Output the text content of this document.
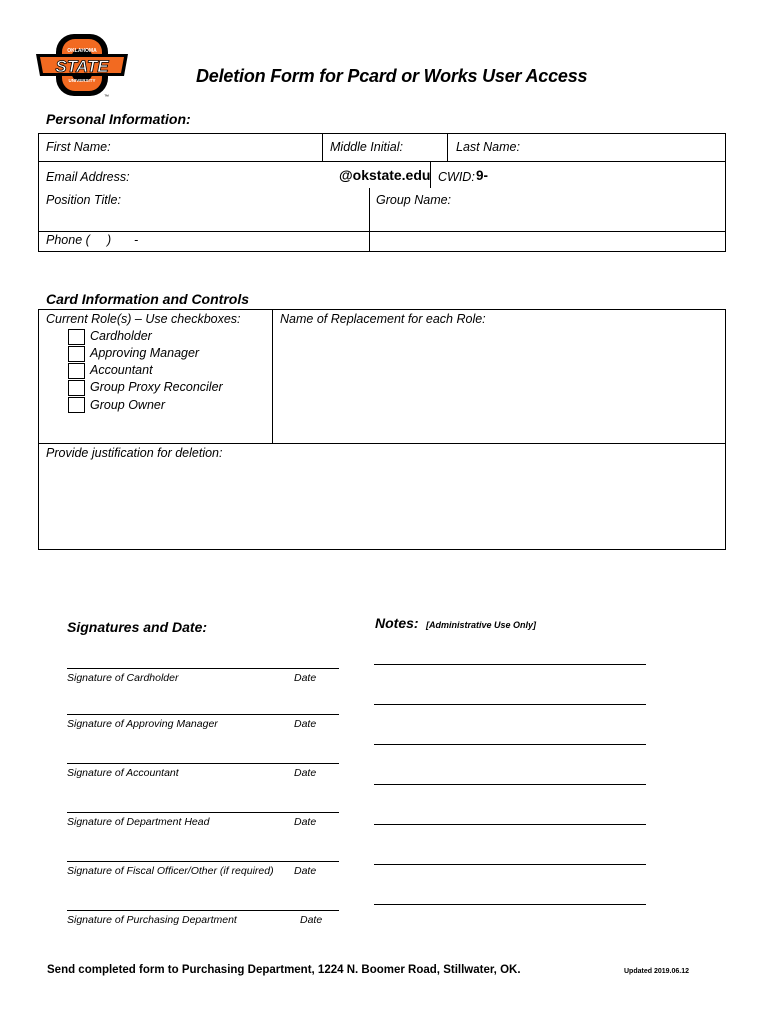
STATE
OKLAHOMA
UNIVERSITY
™
Deletion Form for Pcard or Works User Access
Personal Information:
First Name:	Middle Initial:	Last Name:
Email Address:	@okstate.edu CWID: 9-
Position Title:	Group Name:
Phone ( ) -
Card Information and Controls
Current Role(s) – Use checkboxes:	Name of Replacement for each Role:
Cardholder
Approving Manager
Accountant
Group Proxy Reconciler
Group Owner
Provide justification for deletion:
Signatures and Date:	Notes: [Administrative Use Only]
Signature of Cardholder	Date
Signature of Approving Manager	Date
Signature of Accountant	Date
Signature of Department Head	Date
Signature of Fiscal Officer/Other (if required) Date
Signature of Purchasing Department	Date
Send completed form to Purchasing Department, 1224 N. Boomer Road, Stillwater, OK.	Updated 2019.06.12
